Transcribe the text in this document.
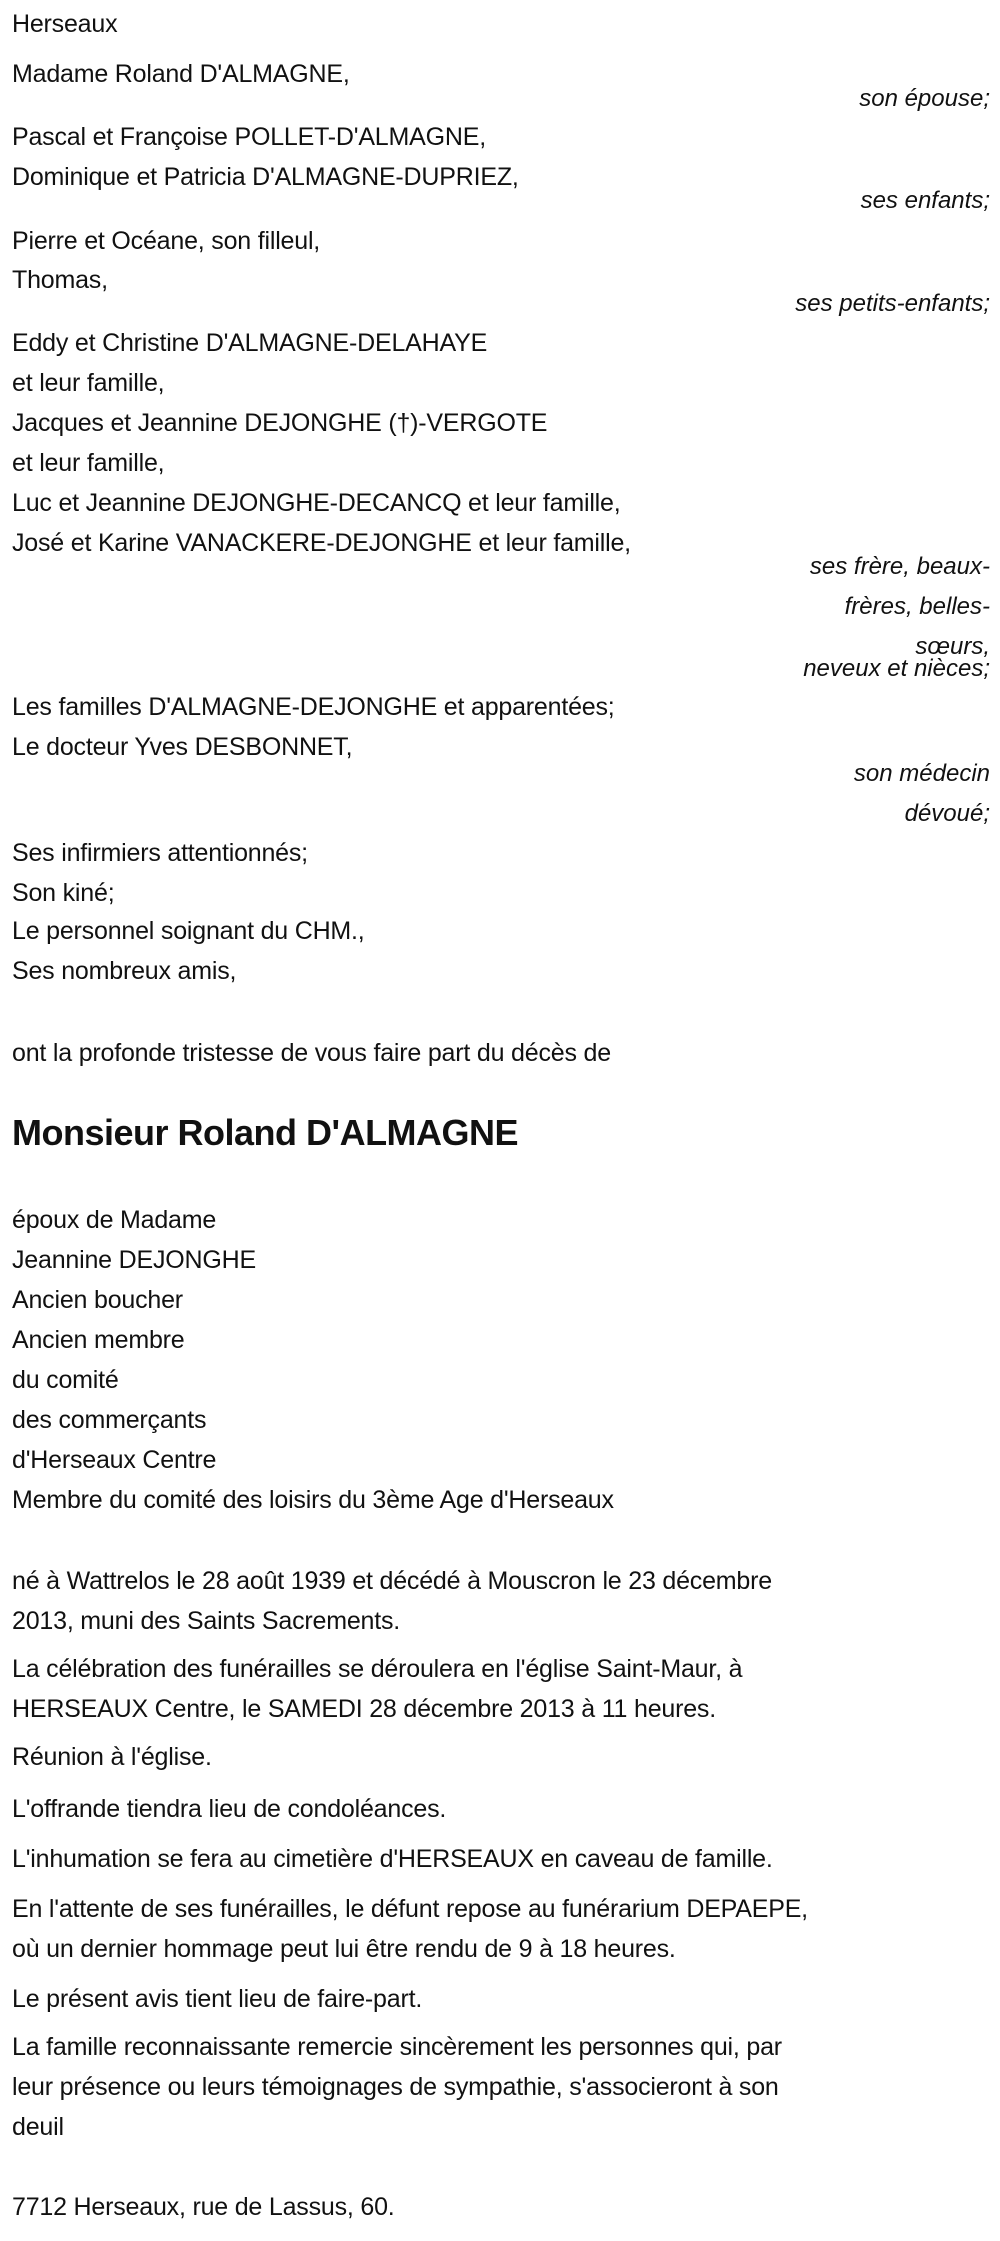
Herseaux
Madame Roland D'ALMAGNE,
son épouse;
Pascal et Françoise POLLET-D'ALMAGNE,
Dominique et Patricia D'ALMAGNE-DUPRIEZ,
ses enfants;
Pierre et Océane, son filleul,
Thomas,
ses petits-enfants;
Eddy et Christine D'ALMAGNE-DELAHAYE
et leur famille,
Jacques et Jeannine DEJONGHE (†)-VERGOTE
et leur famille,
Luc et Jeannine DEJONGHE-DECANCQ et leur famille,
José et Karine VANACKERE-DEJONGHE et leur famille,
ses frère, beaux-
frères, belles-
sœurs,
neveux et nièces;
Les familles D'ALMAGNE-DEJONGHE et apparentées;
Le docteur Yves DESBONNET,
son médecin
dévoué;
Ses infirmiers attentionnés;
Son kiné;
Le personnel soignant du CHM.,
Ses nombreux amis,
ont la profonde tristesse de vous faire part du décès de
Monsieur Roland D'ALMAGNE
époux de Madame
Jeannine DEJONGHE
Ancien boucher
Ancien membre
du comité
des commerçants
d'Herseaux Centre
Membre du comité des loisirs du 3ème Age d'Herseaux
né à Wattrelos le 28 août 1939 et décédé à Mouscron le 23 décembre
2013, muni des Saints Sacrements.
La célébration des funérailles se déroulera en l'église Saint-Maur, à
HERSEAUX Centre, le SAMEDI 28 décembre 2013 à 11 heures.
Réunion à l'église.
L'offrande tiendra lieu de condoléances.
L'inhumation se fera au cimetière d'HERSEAUX en caveau de famille.
En l'attente de ses funérailles, le défunt repose au funérarium DEPAEPE,
où un dernier hommage peut lui être rendu de 9 à 18 heures.
Le présent avis tient lieu de faire-part.
La famille reconnaissante remercie sincèrement les personnes qui, par
leur présence ou leurs témoignages de sympathie, s'associeront à son
deuil
7712 Herseaux, rue de Lassus, 60.
